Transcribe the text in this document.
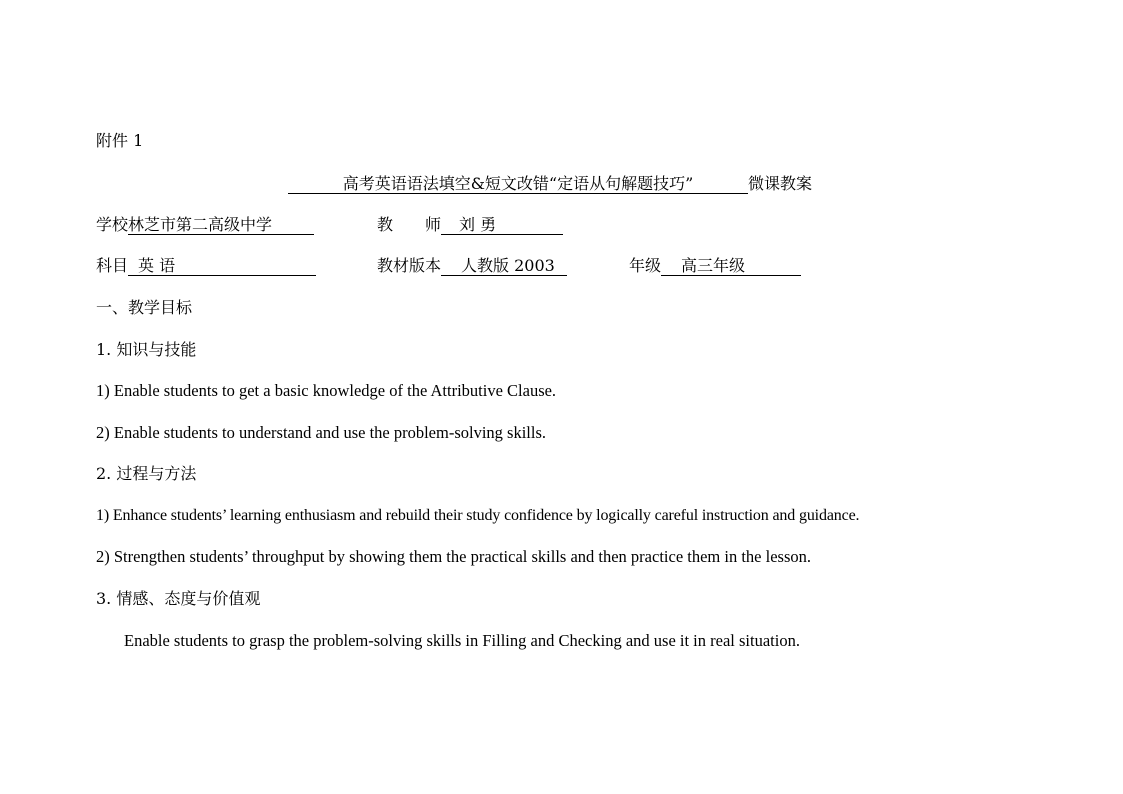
附件 1
高考英语语法填空&短文改错“定语从句解题技巧”	微课教案
学校林芝市第二高级中学	教　　师 刘 勇
科目 英 语	教材版本 人教版 2003	年级 高三年级
一、教学目标
1. 知识与技能
1) Enable students to get a basic knowledge of the Attributive Clause.
2) Enable students to understand and use the problem-solving skills.
2. 过程与方法
1) Enhance students’ learning enthusiasm and rebuild their study confidence by logically careful instruction and guidance.
2) Strengthen students’ throughput by showing them the practical skills and then practice them in the lesson.
3. 情感、态度与价值观
Enable students to grasp the problem-solving skills in Filling and Checking and use it in real situation.
